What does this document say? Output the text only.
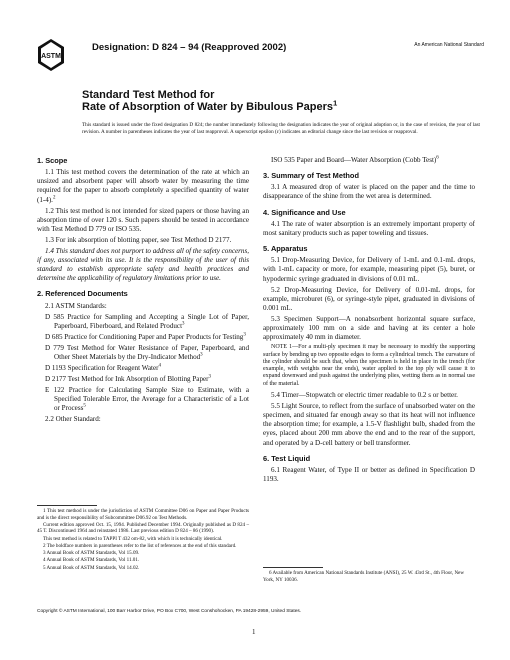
ASTM
Designation: D 824 – 94 (Reapproved 2002)	An American National Standard
Standard Test Method for
Rate of Absorption of Water by Bibulous Papers$^1$
This standard is issued under the fixed designation D 824; the number immediately following the designation indicates the year of original adoption or, in the case of revision, the year of last revision. A number in parentheses indicates the year of last reapproval. A superscript epsilon (ε) indicates an editorial change since the last revision or reapproval.
1. Scope

1.1 This test method covers the determination of the rate at which an unsized and absorbent paper will absorb water by measuring the time required for the paper to absorb completely a specified quantity of water (1-4).$^2$

1.2 This test method is not intended for sized papers or those having an absorption time of over 120 s. Such papers should be tested in accordance with Test Method D 779 or ISO 535.

1.3 For ink absorption of blotting paper, see Test Method D 2177.

1.4 This standard does not purport to address all of the safety concerns, if any, associated with its use. It is the responsibility of the user of this standard to establish appropriate safety and health practices and determine the applicability of regulatory limitations prior to use.

2. Referenced Documents

2.1 ASTM Standards:

D 585 Practice for Sampling and Accepting a Single Lot of Paper, Paperboard, Fiberboard, and Related Product$^3$

D 685 Practice for Conditioning Paper and Paper Products for Testing$^3$

D 779 Test Method for Water Resistance of Paper, Paperboard, and Other Sheet Materials by the Dry-Indicator Method$^3$

D 1193 Specification for Reagent Water$^4$

D 2177 Test Method for Ink Absorption of Blotting Paper$^3$

E 122 Practice for Calculating Sample Size to Estimate, with a Specified Tolerable Error, the Average for a Characteristic of a Lot or Process$^5$

2.2 Other Standard:

1 This test method is under the jurisdiction of ASTM Committee D06 on Paper and Paper Products and is the direct responsibility of Subcommittee D06.92 on Test Methods.

Current edition approved Oct. 15, 1994. Published December 1994. Originally published as D 824 – 45 T. Discontinued 1964 and reinstated 1986. Last previous edition D 824 – 86 (1990).

This test method is related to TAPPI T 432 om-82, with which it is technically identical.

2 The boldface numbers in parentheses refer to the list of references at the end of this standard.

3 Annual Book of ASTM Standards, Vol 15.09.

4 Annual Book of ASTM Standards, Vol 11.01.

5 Annual Book of ASTM Standards, Vol 14.02.

ISO 535 Paper and Board—Water Absorption (Cobb Test)$^6$

3. Summary of Test Method

3.1 A measured drop of water is placed on the paper and the time to disappearance of the shine from the wet area is determined.

4. Significance and Use

4.1 The rate of water absorption is an extremely important property of most sanitary products such as paper toweling and tissues.

5. Apparatus

5.1 Drop-Measuring Device, for Delivery of 1-mL and 0.1-mL drops, with 1-mL capacity or more, for example, measuring pipet (5), buret, or hypodermic syringe graduated in divisions of 0.01 mL.

5.2 Drop-Measuring Device, for Delivery of 0.01-mL drops, for example, microburet (6), or syringe-style pipet, graduated in divisions of 0.001 mL.

5.3 Specimen Support—A nonabsorbent horizontal square surface, approximately 100 mm on a side and having at its center a hole approximately 40 mm in diameter.

NOTE 1—For a multi-ply specimen it may be necessary to modify the supporting surface by bending up two opposite edges to form a cylindrical trench. The curvature of the cylinder should be such that, when the specimen is held in place in the trench (for example, with weights near the ends), water applied to the top ply will cause it to expand downward and push against the underlying plies, wetting them as in normal use of the material.

5.4 Timer—Stopwatch or electric timer readable to 0.2 s or better.

5.5 Light Source, to reflect from the surface of unabsorbed water on the specimen, and situated far enough away so that its heat will not influence the absorption time; for example, a 1.5-V flashlight bulb, shaded from the eyes, placed about 200 mm above the end and to the rear of the support, and operated by a D-cell battery or bell transformer.

6. Test Liquid

6.1 Reagent Water, of Type II or better as defined in Specification D 1193.

6 Available from American National Standards Institute (ANSI), 25 W. 43rd St., 4th Floor, New York, NY 10036.

Copyright © ASTM International, 100 Barr Harbor Drive, PO Box C700, West Conshohocken, PA 19428-2959, United States.
1
